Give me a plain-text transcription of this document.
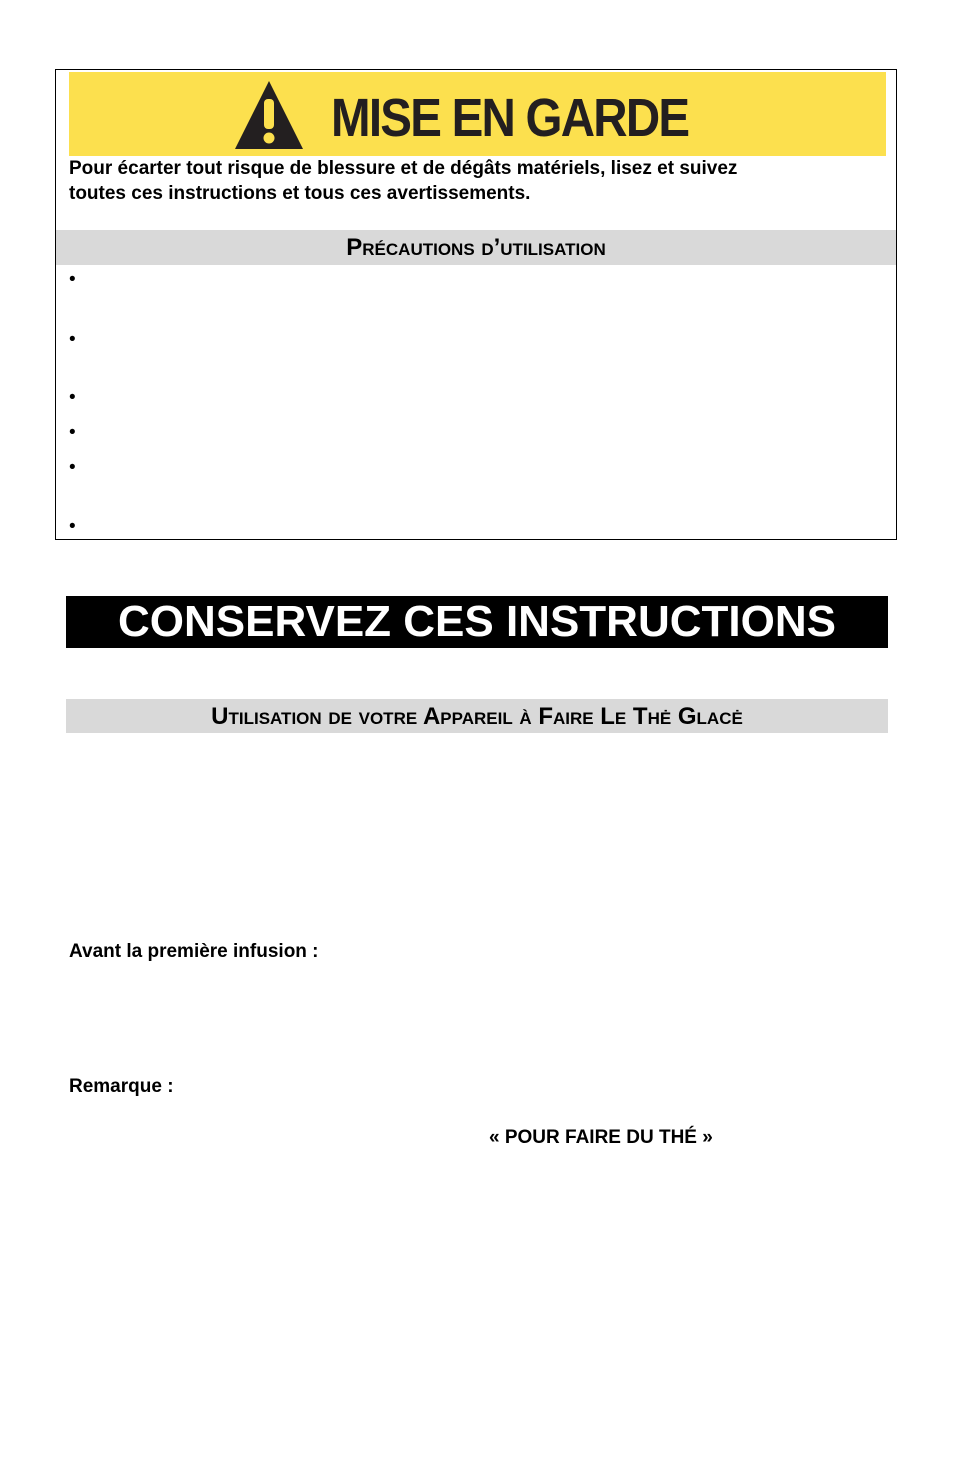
MISE EN GARDE
Pour écarter tout risque de blessure et de dégâts matériels, lisez et suivez
toutes ces instructions et tous ces avertissements.
Précautions d’utilisation
•
•
•
•
•
•
CONSERVEZ CES INSTRUCTIONS
Utilisation de votre Appareil à Faire Le Thė Glacė
Avant la première infusion :
Remarque :
« POUR FAIRE DU THÉ »
